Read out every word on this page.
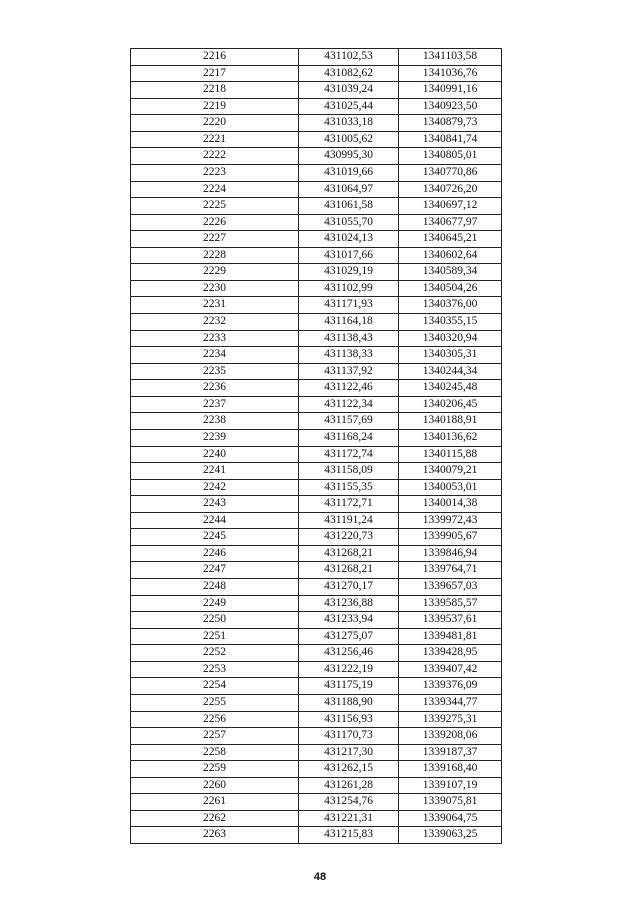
2216	431102,53	1341103,58
2217	431082,62	1341036,76
2218	431039,24	1340991,16
2219	431025,44	1340923,50
2220	431033,18	1340879,73
2221	431005,62	1340841,74
2222	430995,30	1340805,01
2223	431019,66	1340770,86
2224	431064,97	1340726,20
2225	431061,58	1340697,12
2226	431055,70	1340677,97
2227	431024,13	1340645,21
2228	431017,66	1340602,64
2229	431029,19	1340589,34
2230	431102,99	1340504,26
2231	431171,93	1340376,00
2232	431164,18	1340355,15
2233	431138,43	1340320,94
2234	431138,33	1340305,31
2235	431137,92	1340244,34
2236	431122,46	1340245,48
2237	431122,34	1340206,45
2238	431157,69	1340188,91
2239	431168,24	1340136,62
2240	431172,74	1340115,88
2241	431158,09	1340079,21
2242	431155,35	1340053,01
2243	431172,71	1340014,38
2244	431191,24	1339972,43
2245	431220,73	1339905,67
2246	431268,21	1339846,94
2247	431268,21	1339764,71
2248	431270,17	1339657,03
2249	431236,88	1339585,57
2250	431233,94	1339537,61
2251	431275,07	1339481,81
2252	431256,46	1339428,95
2253	431222,19	1339407,42
2254	431175,19	1339376,09
2255	431188,90	1339344,77
2256	431156,93	1339275,31
2257	431170,73	1339208,06
2258	431217,30	1339187,37
2259	431262,15	1339168,40
2260	431261,28	1339107,19
2261	431254,76	1339075,81
2262	431221,31	1339064,75
2263	431215,83	1339063,25
48
